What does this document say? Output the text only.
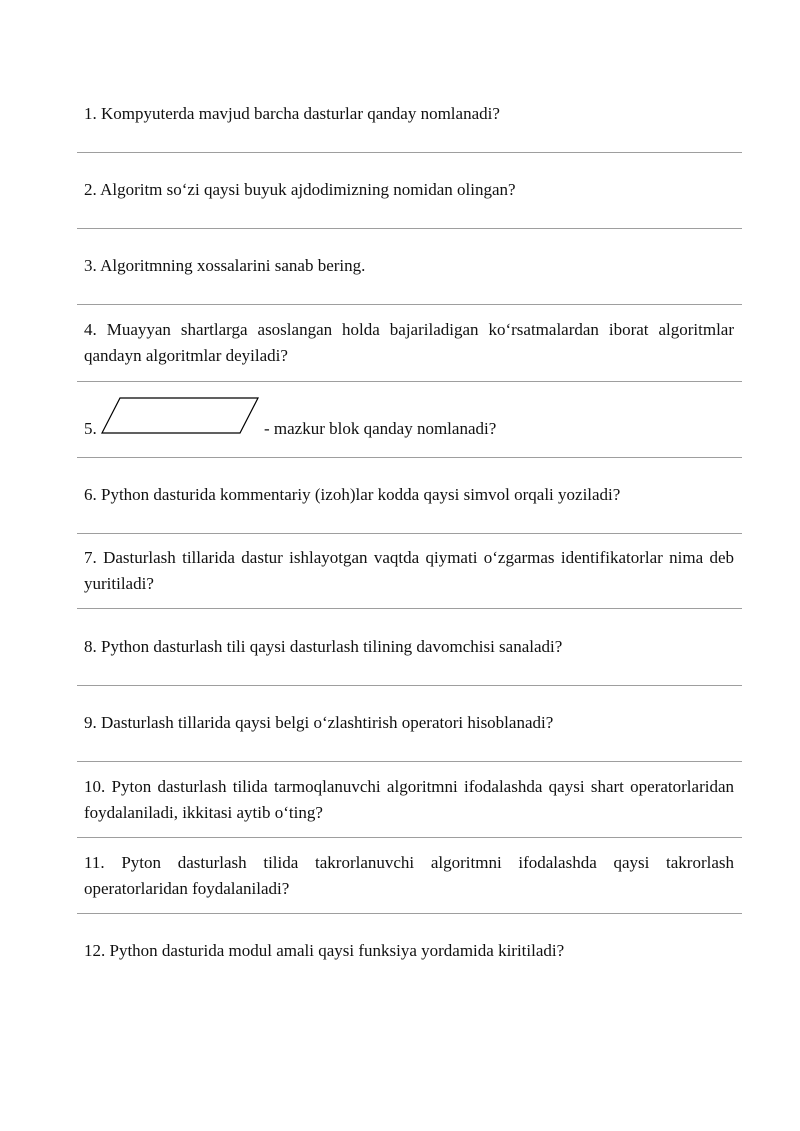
1. Kompyuterda mavjud barcha dasturlar qanday nomlanadi?
2. Algoritm so‘zi qaysi buyuk ajdodimizning nomidan olingan?
3. Algoritmning xossalarini sanab bering.
4. Muayyan shartlarga asoslangan holda bajariladigan ko‘rsatmalardan iborat algoritmlar qandayn algoritmlar deyiladi?
5.	- mazkur blok qanday nomlanadi?
6. Python dasturida kommentariy (izoh)lar kodda qaysi simvol orqali yoziladi?
7. Dasturlash tillarida dastur ishlayotgan vaqtda qiymati o‘zgarmas identifikatorlar nima deb yuritiladi?
8. Python dasturlash tili qaysi dasturlash tilining davomchisi sanaladi?
9. Dasturlash tillarida qaysi belgi o‘zlashtirish operatori hisoblanadi?
10. Pyton dasturlash tilida tarmoqlanuvchi algoritmni ifodalashda qaysi shart operatorlaridan foydalaniladi, ikkitasi aytib o‘ting?
11. Pyton dasturlash tilida takrorlanuvchi algoritmni ifodalashda qaysi takrorlash operatorlaridan foydalaniladi?
12. Python dasturida modul amali qaysi funksiya yordamida kiritiladi?
